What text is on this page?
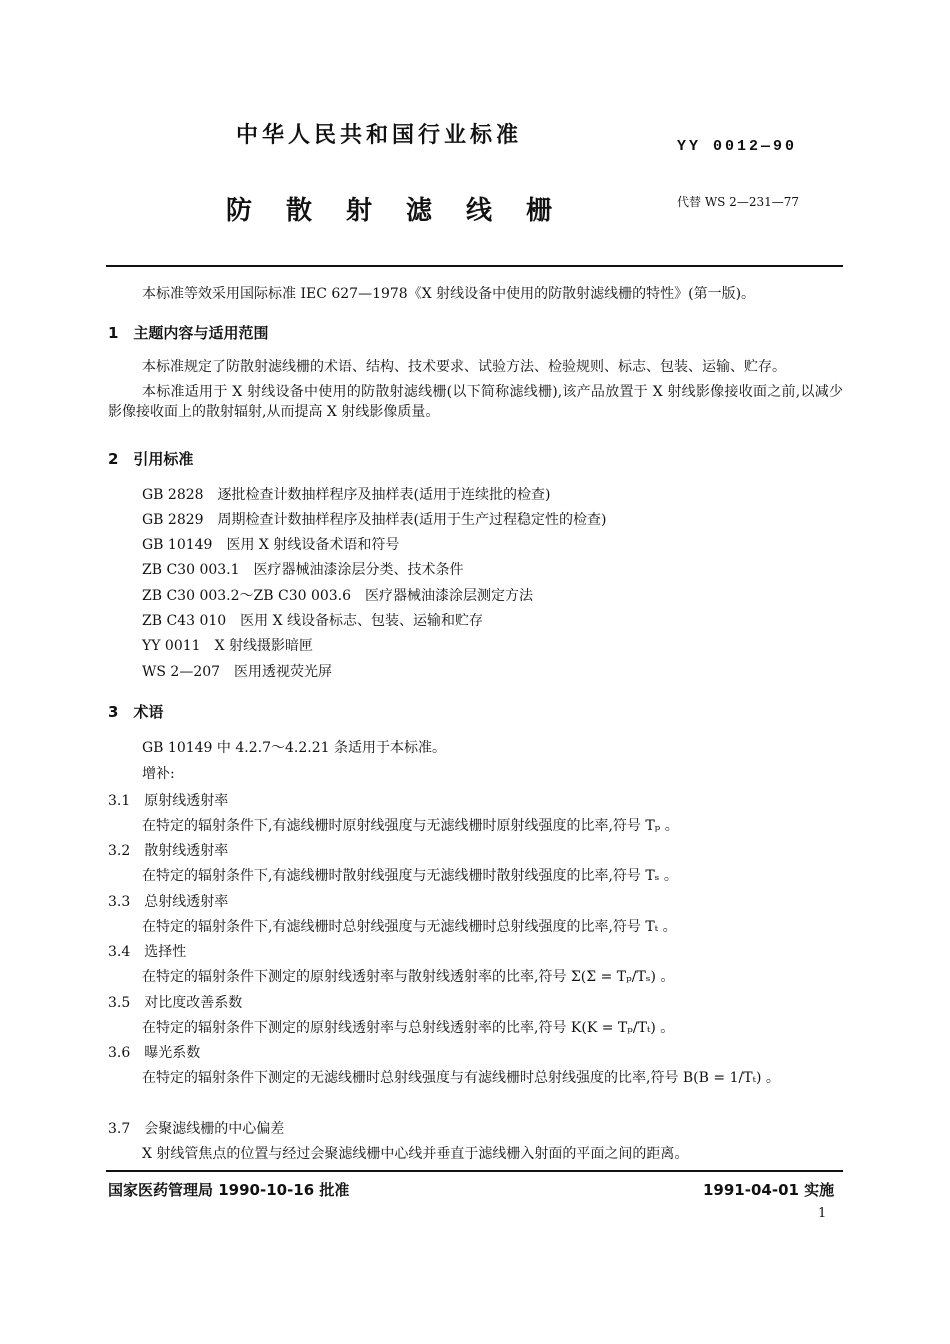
中华人民共和国行业标准	YY 0012—90
防散射滤线栅	代替 WS 2—231—77
本标准等效采用国际标准 IEC 627—1978《X 射线设备中使用的防散射滤线栅的特性》(第一版)。
1　主题内容与适用范围
本标准规定了防散射滤线栅的术语、结构、技术要求、试验方法、检验规则、标志、包装、运输、贮存。
本标准适用于 X 射线设备中使用的防散射滤线栅(以下简称滤线栅),该产品放置于 X 射线影像接收面之前,以减少影像接收面上的散射辐射,从而提高 X 射线影像质量。
2　引用标准
GB 2828　逐批检查计数抽样程序及抽样表(适用于连续批的检查)
GB 2829　周期检查计数抽样程序及抽样表(适用于生产过程稳定性的检查)
GB 10149　医用 X 射线设备术语和符号
ZB C30 003.1　医疗器械油漆涂层分类、技术条件
ZB C30 003.2～ZB C30 003.6　医疗器械油漆涂层测定方法
ZB C43 010　医用 X 线设备标志、包装、运输和贮存
YY 0011　X 射线摄影暗匣
WS 2—207　医用透视荧光屏
3　术语
GB 10149 中 4.2.7～4.2.21 条适用于本标准。
增补:
3.1　原射线透射率
在特定的辐射条件下,有滤线栅时原射线强度与无滤线栅时原射线强度的比率,符号 Tₚ 。
3.2　散射线透射率
在特定的辐射条件下,有滤线栅时散射线强度与无滤线栅时散射线强度的比率,符号 Tₛ 。
3.3　总射线透射率
在特定的辐射条件下,有滤线栅时总射线强度与无滤线栅时总射线强度的比率,符号 Tₜ 。
3.4　选择性
在特定的辐射条件下测定的原射线透射率与散射线透射率的比率,符号 Σ(Σ = Tₚ/Tₛ) 。
3.5　对比度改善系数
在特定的辐射条件下测定的原射线透射率与总射线透射率的比率,符号 K(K = Tₚ/Tₜ) 。
3.6　曝光系数
在特定的辐射条件下测定的无滤线栅时总射线强度与有滤线栅时总射线强度的比率,符号 B(B = 1/Tₜ) 。
3.7　会聚滤线栅的中心偏差
X 射线管焦点的位置与经过会聚滤线栅中心线并垂直于滤线栅入射面的平面之间的距离。
国家医药管理局 1990-10-16 批准	1991-04-01 实施
1
